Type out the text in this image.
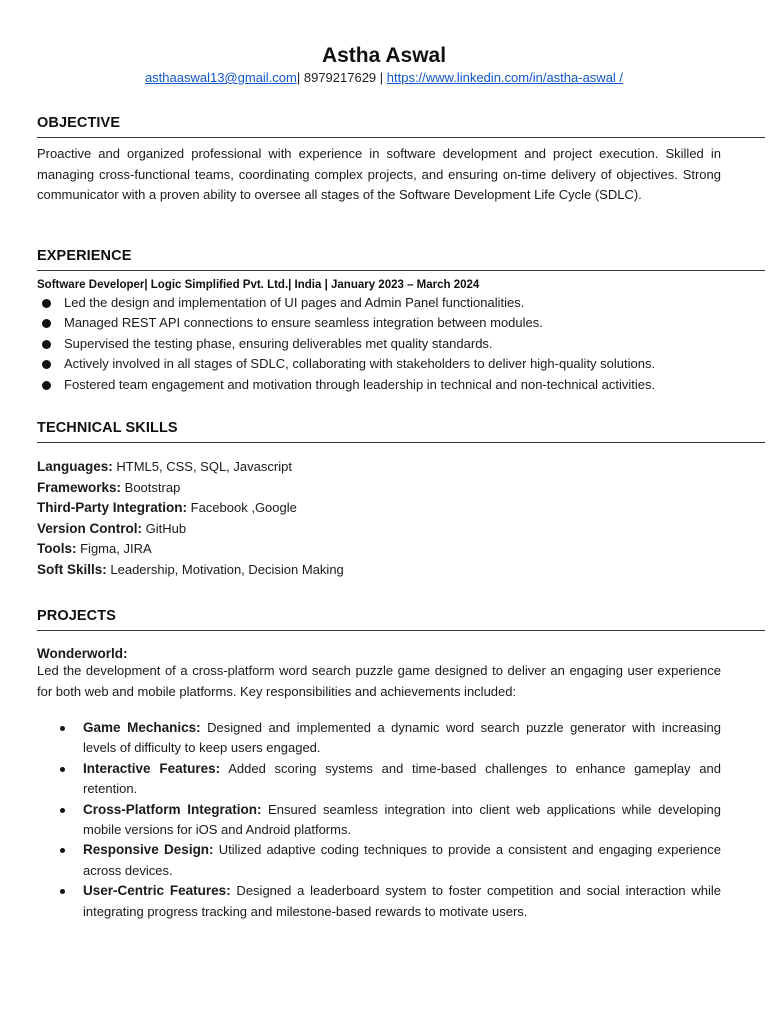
Astha Aswal
asthaaswal13@gmail.com| 8979217629 | https://www.linkedin.com/in/astha-aswal /
OBJECTIVE
Proactive and organized professional with experience in software development and project execution. Skilled in managing cross-functional teams, coordinating complex projects, and ensuring on-time delivery of objectives. Strong communicator with a proven ability to oversee all stages of the Software Development Life Cycle (SDLC).
EXPERIENCE
Software Developer| Logic Simplified Pvt. Ltd.| India | January 2023 – March 2024
Led the design and implementation of UI pages and Admin Panel functionalities.
Managed REST API connections to ensure seamless integration between modules.
Supervised the testing phase, ensuring deliverables met quality standards.
Actively involved in all stages of SDLC, collaborating with stakeholders to deliver high-quality solutions.
Fostered team engagement and motivation through leadership in technical and non-technical activities.
TECHNICAL SKILLS
Languages: HTML5, CSS, SQL, Javascript
Frameworks: Bootstrap
Third-Party Integration: Facebook ,Google
Version Control: GitHub
Tools: Figma, JIRA
Soft Skills: Leadership, Motivation, Decision Making
PROJECTS
Wonderworld:
Led the development of a cross-platform word search puzzle game designed to deliver an engaging user experience for both web and mobile platforms. Key responsibilities and achievements included:
Game Mechanics: Designed and implemented a dynamic word search puzzle generator with increasing levels of difficulty to keep users engaged.
Interactive Features: Added scoring systems and time-based challenges to enhance gameplay and retention.
Cross-Platform Integration: Ensured seamless integration into client web applications while developing mobile versions for iOS and Android platforms.
Responsive Design: Utilized adaptive coding techniques to provide a consistent and engaging experience across devices.
User-Centric Features: Designed a leaderboard system to foster competition and social interaction while integrating progress tracking and milestone-based rewards to motivate users.
